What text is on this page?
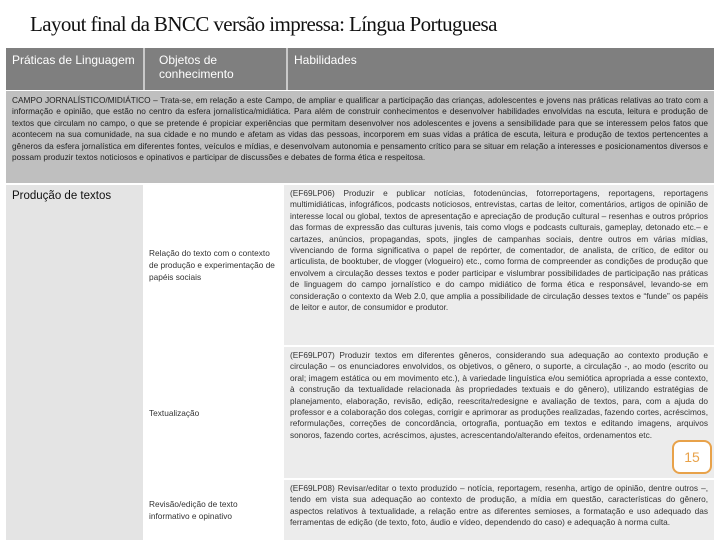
Layout final da BNCC versão impressa: Língua Portuguesa
Práticas de Linguagem	Objetos de conhecimento
Habilidades
CAMPO JORNALÍSTICO/MIDIÁTICO – Trata-se, em relação a este Campo, de ampliar e qualificar a participação das crianças, adolescentes e jovens nas práticas relativas ao trato com a informação e opinião, que estão no centro da esfera jornalística/midiática. Para além de construir conhecimentos e desenvolver habilidades envolvidas na escuta, leitura e produção de textos que circulam no campo, o que se pretende é propiciar experiências que permitam desenvolver nos adolescentes e jovens a sensibilidade para que se interessem pelos fatos que acontecem na sua comunidade, na sua cidade e no mundo e afetam as vidas das pessoas, incorporem em suas vidas a prática de escuta, leitura e produção de textos pertencentes a gêneros da esfera jornalística em diferentes fontes, veículos e mídias, e desenvolvam autonomia e pensamento crítico para se situar em relação a interesses e posicionamentos diversos e possam produzir textos noticiosos e opinativos e participar de discussões e debates de forma ética e respeitosa.
Produção de textos
Relação do texto com o contexto de produção e experimentação de papéis sociais
(EF69LP06) Produzir e publicar notícias, fotodenúncias, fotorreportagens, reportagens, reportagens multimidiáticas, infográficos, podcasts noticiosos, entrevistas, cartas de leitor, comentários, artigos de opinião de interesse local ou global, textos de apresentação e apreciação de produção cultural – resenhas e outros próprios das formas de expressão das culturas juvenis, tais como vlogs e podcasts culturais, gameplay, detonado etc.– e cartazes, anúncios, propagandas, spots, jingles de campanhas sociais, dentre outros em várias mídias, vivenciando de forma significativa o papel de repórter, de comentador, de analista, de crítico, de editor ou articulista, de booktuber, de vlogger (vlogueiro) etc., como forma de compreender as condições de produção que envolvem a circulação desses textos e poder participar e vislumbrar possibilidades de participação nas práticas de linguagem do campo jornalístico e do campo midiático de forma ética e responsável, levando-se em consideração o contexto da Web 2.0, que amplia a possibilidade de circulação desses textos e “funde” os papéis de leitor e autor, de consumidor e produtor.
Textualização
(EF69LP07) Produzir textos em diferentes gêneros, considerando sua adequação ao contexto produção e circulação – os enunciadores envolvidos, os objetivos, o gênero, o suporte, a circulação -, ao modo (escrito ou oral; imagem estática ou em movimento etc.), à variedade linguística e/ou semiótica apropriada a esse contexto, à construção da textualidade relacionada às propriedades textuais e do gênero), utilizando estratégias de planejamento, elaboração, revisão, edição, reescrita/redesigne e avaliação de textos, para, com a ajuda do professor e a colaboração dos colegas, corrigir e aprimorar as produções realizadas, fazendo cortes, acréscimos, reformulações, correções de concordância, ortografia, pontuação em textos e editando imagens, arquivos sonoros, fazendo cortes, acréscimos, ajustes, acrescentando/alterando efeitos, ordenamentos etc.
Revisão/edição de texto informativo e opinativo
(EF69LP08) Revisar/editar o texto produzido – notícia, reportagem, resenha, artigo de opinião, dentre outros –, tendo em vista sua adequação ao contexto de produção, a mídia em questão, características do gênero, aspectos relativos à textualidade, a relação entre as diferentes semioses, a formatação e uso adequado das ferramentas de edição (de texto, foto, áudio e vídeo, dependendo do caso) e adequação à norma culta.
15
